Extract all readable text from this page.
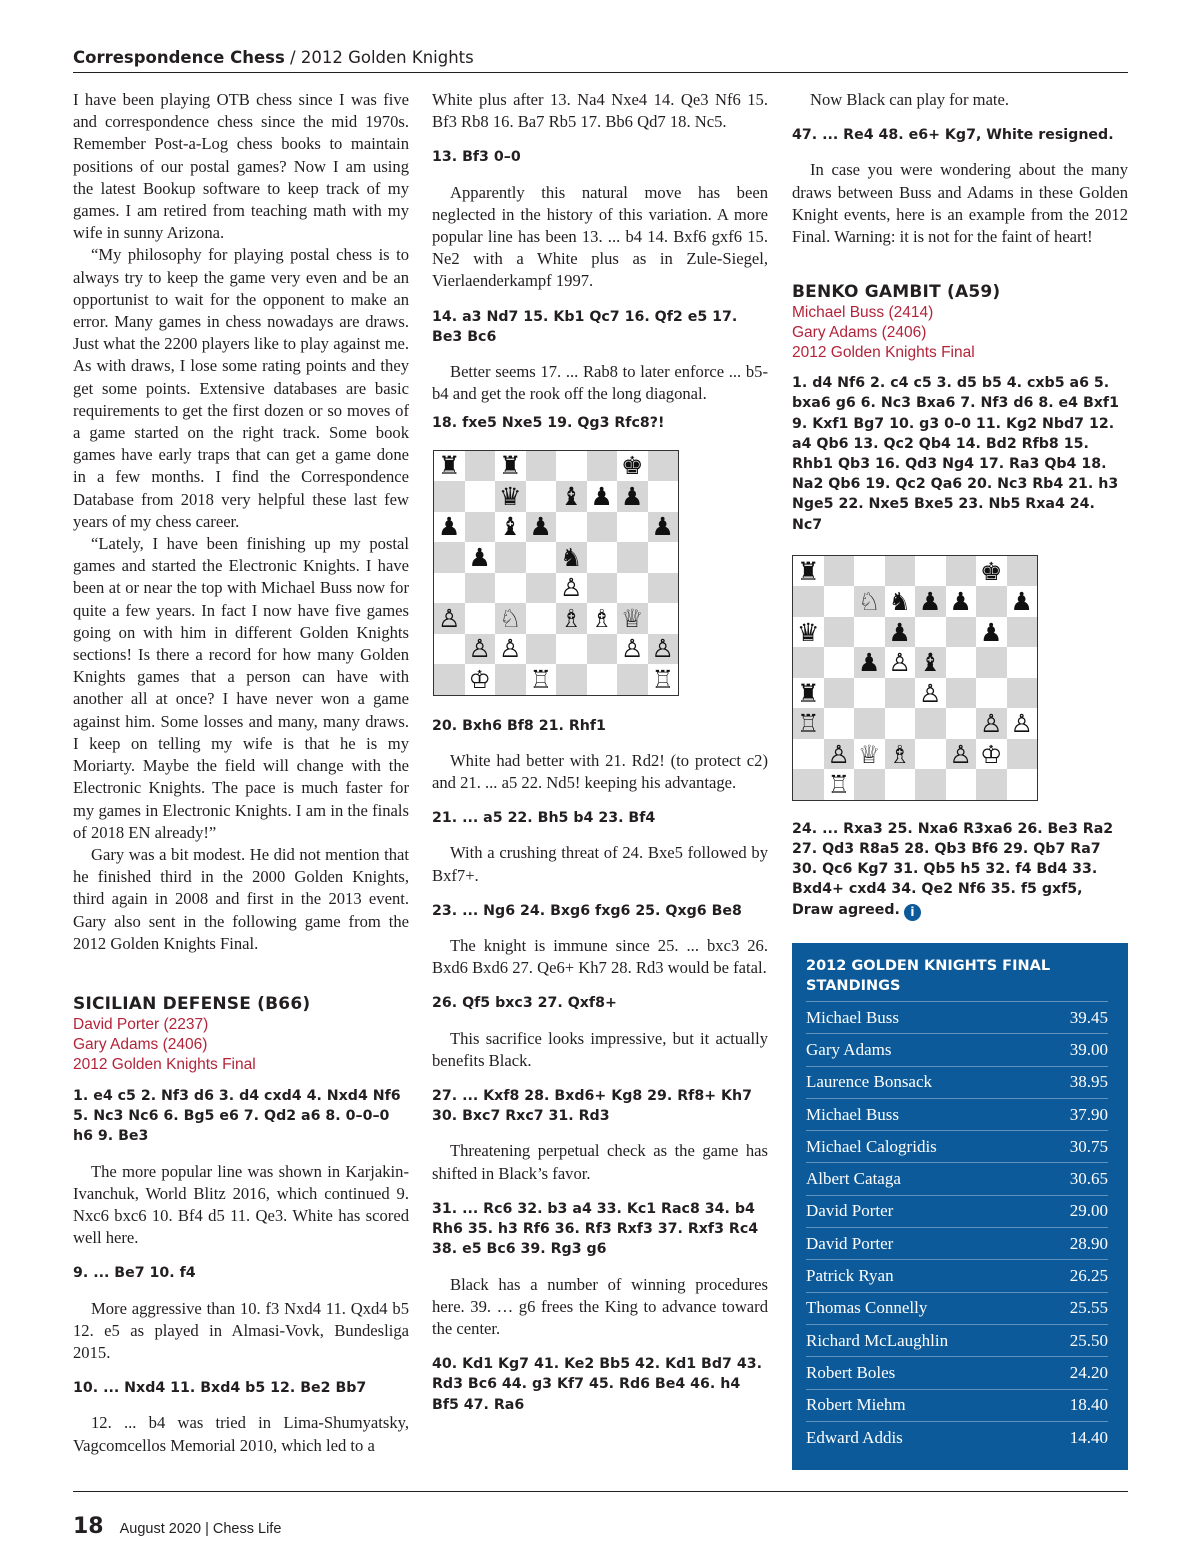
Correspondence Chess / 2012 Golden Knights

I have been playing OTB chess since I was five and correspondence chess since the mid 1970s. Remember Post-a-Log chess books to maintain positions of our postal games? Now I am using the latest Bookup software to keep track of my games. I am retired from teaching math with my wife in sunny Arizona.

“My philosophy for playing postal chess is to always try to keep the game very even and be an opportunist to wait for the opponent to make an error. Many games in chess nowadays are draws. Just what the 2200 players like to play against me. As with draws, I lose some rating points and they get some points. Extensive databases are basic requirements to get the first dozen or so moves of a game started on the right track. Some book games have early traps that can get a game done in a few months. I find the Correspondence Database from 2018 very helpful these last few years of my chess career.

“Lately, I have been finishing up my postal games and started the Electronic Knights. I have been at or near the top with Michael Buss now for quite a few years. In fact I now have five games going on with him in different Golden Knights sections! Is there a record for how many Golden Knights games that a person can have with another all at once? I have never won a game against him. Some losses and many, many draws. I keep on telling my wife is that he is my Moriarty. Maybe the field will change with the Electronic Knights. The pace is much faster for my games in Electronic Knights. I am in the finals of 2018 EN already!”

Gary was a bit modest. He did not mention that he finished third in the 2000 Golden Knights, third again in 2008 and first in the 2013 event. Gary also sent in the following game from the 2012 Golden Knights Final.

SICILIAN DEFENSE (B66)

David Porter (2237)

Gary Adams (2406)

2012 Golden Knights Final

1. e4 c5 2. Nf3 d6 3. d4 cxd4 4. Nxd4 Nf6 5. Nc3 Nc6 6. Bg5 e6 7. Qd2 a6 8. 0–0–0 h6 9. Be3

The more popular line was shown in Karjakin-Ivanchuk, World Blitz 2016, which continued 9. Nxc6 bxc6 10. Bf4 d5 11. Qe3. White has scored well here.

9. ... Be7 10. f4

More aggressive than 10. f3 Nxd4 11. Qxd4 b5 12. e5 as played in Almasi-Vovk, Bundesliga 2015.

10. ... Nxd4 11. Bxd4 b5 12. Be2 Bb7

12. ... b4 was tried in Lima-Shumyatsky, Vagcomcellos Memorial 2010, which led to a

White plus after 13. Na4 Nxe4 14. Qe3 Nf6 15. Bf3 Rb8 16. Ba7 Rb5 17. Bb6 Qd7 18. Nc5.

13. Bf3 0–0

Apparently this natural move has been neglected in the history of this variation. A more popular line has been 13. ... b4 14. Bxf6 gxf6 15. Ne2 with a White plus as in Zule-Siegel, Vierlaenderkampf 1997.

14. a3 Nd7 15. Kb1 Qc7 16. Qf2 e5 17. Be3 Bc6

Better seems 17. ... Rab8 to later enforce ... b5-b4 and get the rook off the long diagonal.

18. fxe5 Nxe5 19. Qg3 Rfc8?!

♜ ♜	♚
♛ ♝ ♟ ♟
♟ ♝ ♟	♟
♟	♞
♙
♙ ♘ ♗ ♗ ♕
♙ ♙	♙ ♙
♔ ♖	♖

20. Bxh6 Bf8 21. Rhf1

White had better with 21. Rd2! (to protect c2) and 21. ... a5 22. Nd5! keeping his advantage.

21. ... a5 22. Bh5 b4 23. Bf4

With a crushing threat of 24. Bxe5 followed by Bxf7+.

23. ... Ng6 24. Bxg6 fxg6 25. Qxg6 Be8

The knight is immune since 25. ... bxc3 26. Bxd6 Bxd6 27. Qe6+ Kh7 28. Rd3 would be fatal.

26. Qf5 bxc3 27. Qxf8+

This sacrifice looks impressive, but it actually benefits Black.

27. ... Kxf8 28. Bxd6+ Kg8 29. Rf8+ Kh7 30. Bxc7 Rxc7 31. Rd3

Threatening perpetual check as the game has shifted in Black’s favor.

31. ... Rc6 32. b3 a4 33. Kc1 Rac8 34. b4 Rh6 35. h3 Rf6 36. Rf3 Rxf3 37. Rxf3 Rc4 38. e5 Bc6 39. Rg3 g6

Black has a number of winning procedures here. 39. … g6 frees the King to advance toward the center.

40. Kd1 Kg7 41. Ke2 Bb5 42. Kd1 Bd7 43. Rd3 Bc6 44. g3 Kf7 45. Rd6 Be4 46. h4 Bf5 47. Ra6

Now Black can play for mate.

47. ... Re4 48. e6+ Kg7, White resigned.

In case you were wondering about the many draws between Buss and Adams in these Golden Knight events, here is an example from the 2012 Final. Warning: it is not for the faint of heart!

BENKO GAMBIT (A59)

Michael Buss (2414)

Gary Adams (2406)

2012 Golden Knights Final

1. d4 Nf6 2. c4 c5 3. d5 b5 4. cxb5 a6 5. bxa6 g6 6. Nc3 Bxa6 7. Nf3 d6 8. e4 Bxf1 9. Kxf1 Bg7 10. g3 0–0 11. Kg2 Nbd7 12. a4 Qb6 13. Qc2 Qb4 14. Bd2 Rfb8 15. Rhb1 Qb3 16. Qd3 Ng4 17. Ra3 Qb4 18. Na2 Qb6 19. Qc2 Qa6 20. Nc3 Rb4 21. h3 Nge5 22. Nxe5 Bxe5 23. Nb5 Rxa4 24. Nc7

♜	♚
♘ ♞ ♟ ♟ ♟
♛	♟	♟
♟ ♙ ♝
♜	♙
♖	♙ ♙
♙ ♕ ♗ ♙ ♔
♖

24. ... Rxa3 25. Nxa6 R3xa6 26. Be3 Ra2 27. Qd3 R8a5 28. Qb3 Bf6 29. Qb7 Ra7 30. Qc6 Kg7 31. Qb5 h5 32. f4 Bd4 33. Bxd4+ cxd4 34. Qe2 Nf6 35. f5 gxf5, Draw agreed. i

2012 GOLDEN KNIGHTS FINAL STANDINGS
Michael Buss	39.45
Gary Adams	39.00
Laurence Bonsack	38.95
Michael Buss	37.90
Michael Calogridis	30.75
Albert Cataga	30.65
David Porter	29.00
David Porter	28.90
Patrick Ryan	26.25
Thomas Connelly	25.55
Richard McLaughlin	25.50
Robert Boles	24.20
Robert Miehm	18.40
Edward Addis	14.40
18 August 2020 | Chess Life
